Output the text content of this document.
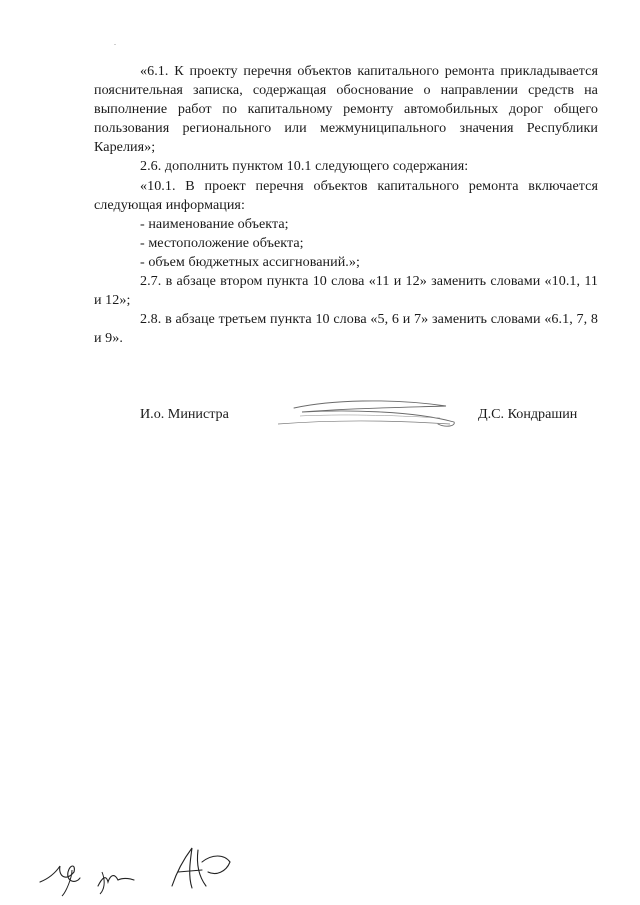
«6.1. К проекту перечня объектов капитального ремонта прикладывается пояснительная записка, содержащая обоснование о направлении средств на выполнение работ по капитальному ремонту автомобильных дорог общего пользования регионального или межмуниципального значения Республики Карелия»;

2.6. дополнить пунктом 10.1 следующего содержания:

«10.1. В проект перечня объектов капитального ремонта включается следующая информация:

- наименование объекта;

- местоположение объекта;

- объем бюджетных ассигнований.»;

2.7. в абзаце втором пункта 10 слова «11 и 12» заменить словами «10.1, 11 и 12»;

2.8. в абзаце третьем пункта 10 слова «5, 6 и 7» заменить словами «6.1, 7, 8 и 9».

И.о. Министра	Д.С. Кондрашин
